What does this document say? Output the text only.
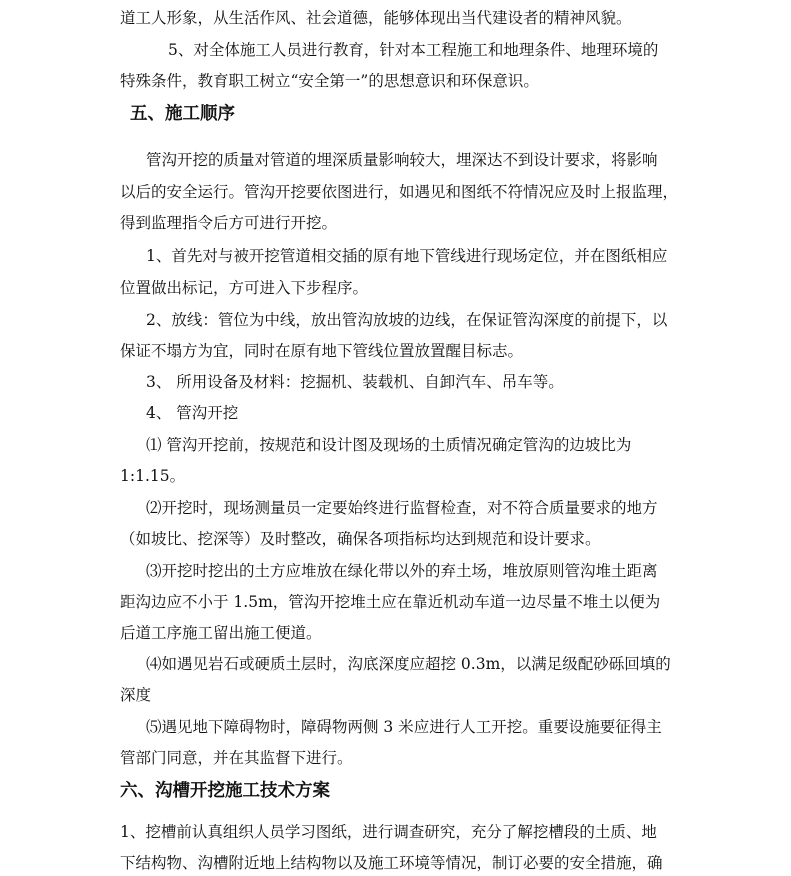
道工人形象，从生活作风、社会道德，能够体现出当代建设者的精神风貌。
5、对全体施工人员进行教育，针对本工程施工和地理条件、地理环境的
特殊条件，教育职工树立“安全第一”的思想意识和环保意识。
五、施工顺序
管沟开挖的质量对管道的埋深质量影响较大，埋深达不到设计要求，将影响
以后的安全运行。管沟开挖要依图进行，如遇见和图纸不符情况应及时上报监理，
得到监理指令后方可进行开挖。
1、首先对与被开挖管道相交插的原有地下管线进行现场定位，并在图纸相应
位置做出标记，方可进入下步程序。
2、放线：管位为中线，放出管沟放坡的边线，在保证管沟深度的前提下，以
保证不塌方为宜，同时在原有地下管线位置放置醒目标志。
3、 所用设备及材料：挖掘机、装载机、自卸汽车、吊车等。
4、 管沟开挖
⑴ 管沟开挖前，按规范和设计图及现场的土质情况确定管沟的边坡比为
1:1.15。
⑵开挖时，现场测量员一定要始终进行监督检查，对不符合质量要求的地方
（如坡比、挖深等）及时整改，确保各项指标均达到规范和设计要求。
⑶开挖时挖出的土方应堆放在绿化带以外的弃土场，堆放原则管沟堆土距离
距沟边应不小于 1.5m，管沟开挖堆土应在靠近机动车道一边尽量不堆土以便为
后道工序施工留出施工便道。
⑷如遇见岩石或硬质土层时，沟底深度应超挖 0.3m，以满足级配砂砾回填的
深度
⑸遇见地下障碍物时，障碍物两侧 3 米应进行人工开挖。重要设施要征得主
管部门同意，并在其监督下进行。
六、沟槽开挖施工技术方案
1、挖槽前认真组织人员学习图纸，进行调查研究，充分了解挖槽段的土质、地
下结构物、沟槽附近地上结构物以及施工环境等情况，制订必要的安全措施，确
